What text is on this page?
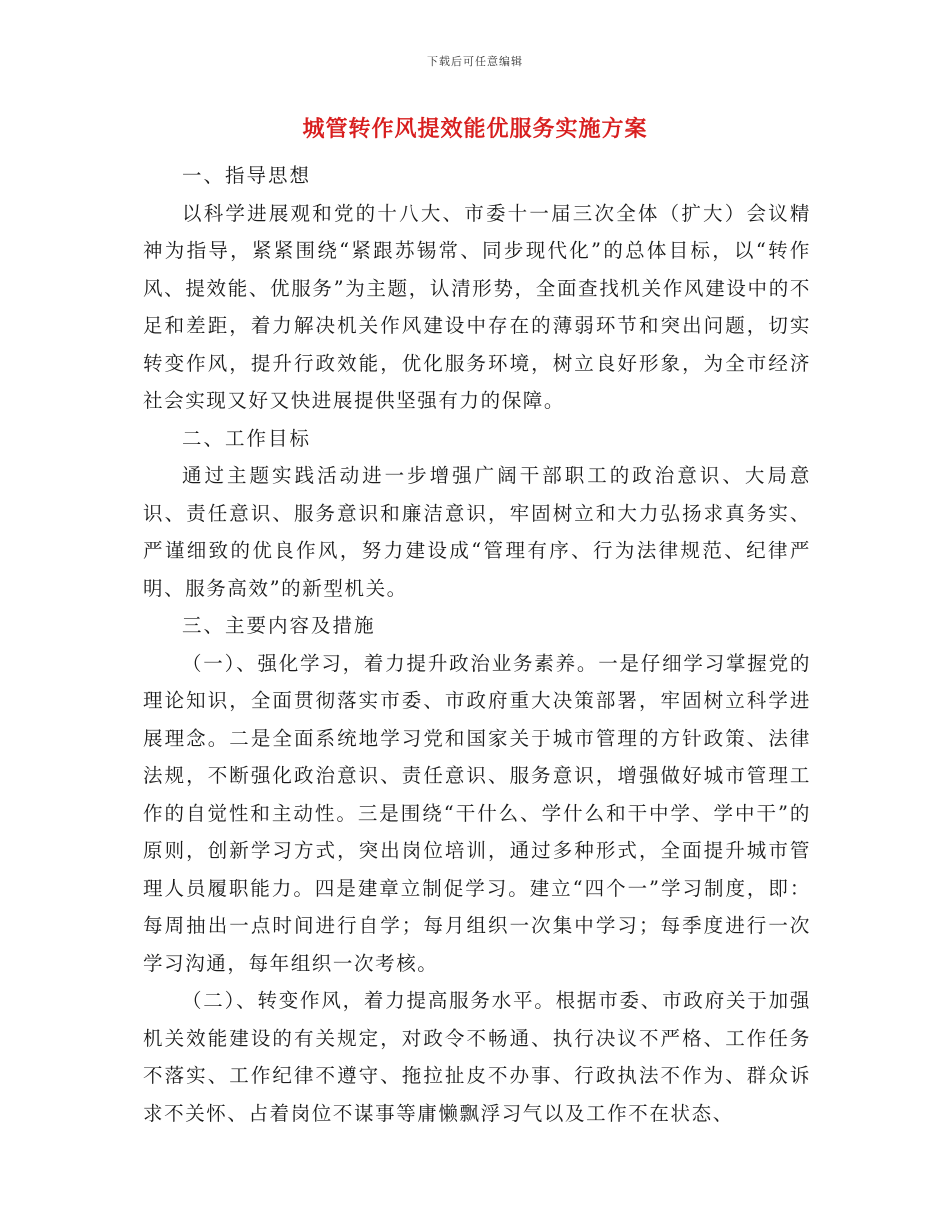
下载后可任意编辑
城管转作风提效能优服务实施方案

一、指导思想

以科学进展观和党的十八大、市委十一届三次全体（扩大）会议精神为指导，紧紧围绕“紧跟苏锡常、同步现代化”的总体目标，以“转作风、提效能、优服务”为主题，认清形势，全面查找机关作风建设中的不足和差距，着力解决机关作风建设中存在的薄弱环节和突出问题，切实转变作风，提升行政效能，优化服务环境，树立良好形象，为全市经济社会实现又好又快进展提供坚强有力的保障。

二、工作目标

通过主题实践活动进一步增强广阔干部职工的政治意识、大局意识、责任意识、服务意识和廉洁意识，牢固树立和大力弘扬求真务实、严谨细致的优良作风，努力建设成“管理有序、行为法律规范、纪律严明、服务高效”的新型机关。

三、主要内容及措施

（一）、强化学习，着力提升政治业务素养。一是仔细学习掌握党的理论知识，全面贯彻落实市委、市政府重大决策部署，牢固树立科学进展理念。二是全面系统地学习党和国家关于城市管理的方针政策、法律法规，不断强化政治意识、责任意识、服务意识，增强做好城市管理工作的自觉性和主动性。三是围绕“干什么、学什么和干中学、学中干”的原则，创新学习方式，突出岗位培训，通过多种形式，全面提升城市管理人员履职能力。四是建章立制促学习。建立“四个一”学习制度，即：每周抽出一点时间进行自学；每月组织一次集中学习；每季度进行一次学习沟通，每年组织一次考核。

（二）、转变作风，着力提高服务水平。根据市委、市政府关于加强机关效能建设的有关规定，对政令不畅通、执行决议不严格、工作任务不落实、工作纪律不遵守、拖拉扯皮不办事、行政执法不作为、群众诉求不关怀、占着岗位不谋事等庸懒飘浮习气以及工作不在状态、
